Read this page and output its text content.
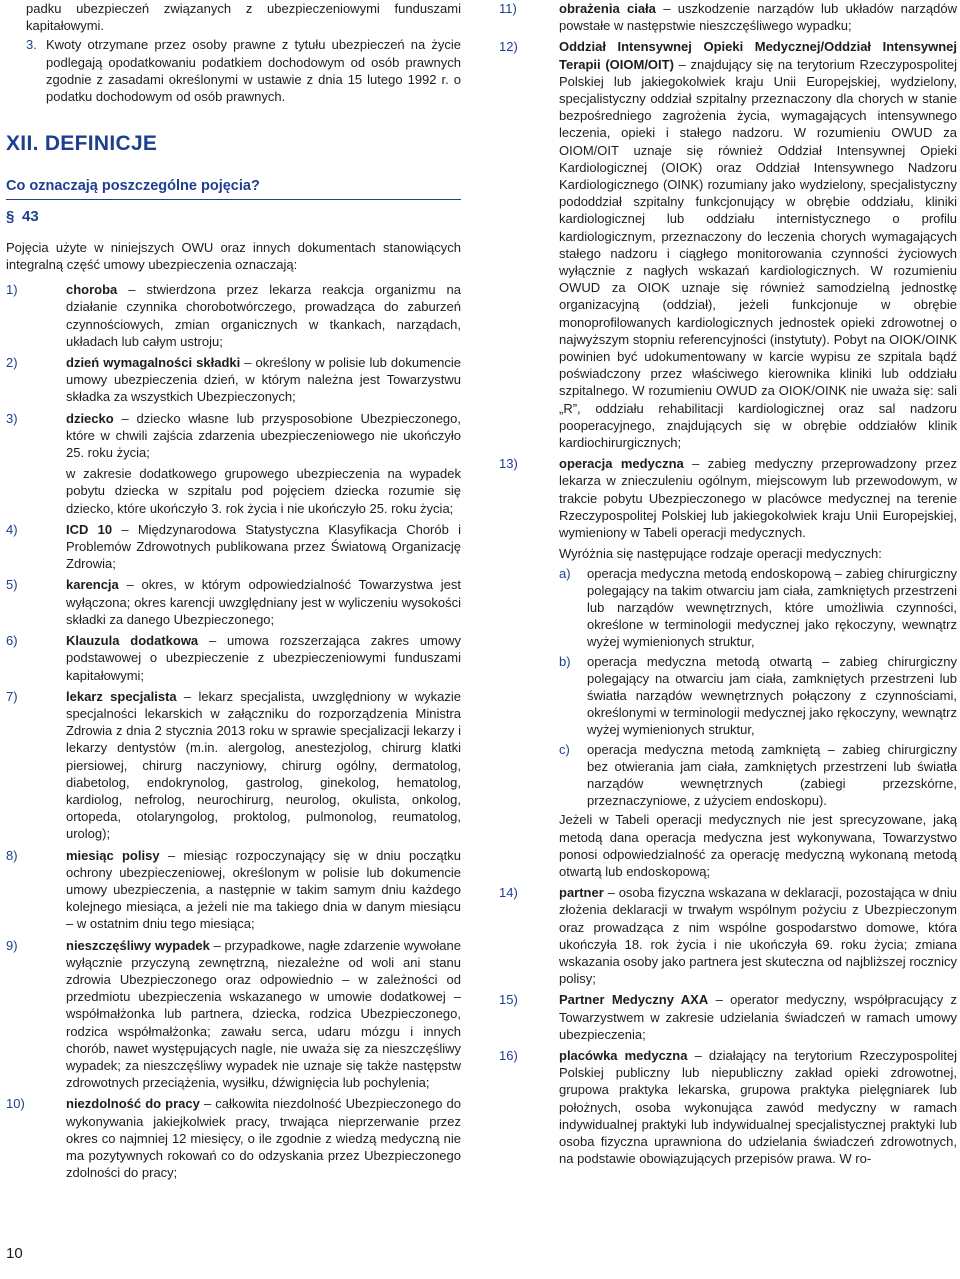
padku ubezpieczeń związanych z ubezpieczeniowymi funduszami kapitałowymi.

3. Kwoty otrzymane przez osoby prawne z tytułu ubezpieczeń na życie podlegają opodatkowaniu podatkiem dochodowym od osób prawnych zgodnie z zasadami określonymi w ustawie z dnia 15 lutego 1992 r. o podatku dochodowym od osób prawnych.
XII. DEFINICJE
Co oznaczają poszczególne pojęcia?
§ 43

Pojęcia użyte w niniejszych OWU oraz innych dokumentach stanowiących integralną część umowy ubezpieczenia oznaczają:

1)	choroba – stwierdzona przez lekarza reakcja organizmu na działanie czynnika chorobotwórczego, prowadząca do zaburzeń czynnościowych, zmian organicznych w tkankach, narządach, układach lub całym ustroju;

2)	dzień wymagalności składki – określony w polisie lub dokumencie umowy ubezpieczenia dzień, w którym należna jest Towarzystwu składka za wszystkich Ubezpieczonych;

3)	dziecko – dziecko własne lub przysposobione Ubezpieczonego, które w chwili zajścia zdarzenia ubezpieczeniowego nie ukończyło 25. roku życia;

w zakresie dodatkowego grupowego ubezpieczenia na wypadek pobytu dziecka w szpitalu pod pojęciem dziecka rozumie się dziecko, które ukończyło 3. rok życia i nie ukończyło 25. roku życia;

4)	ICD 10 – Międzynarodowa Statystyczna Klasyfikacja Chorób i Problemów Zdrowotnych publikowana przez Światową Organizację Zdrowia;

5)	karencja – okres, w którym odpowiedzialność Towarzystwa jest wyłączona; okres karencji uwzględniany jest w wyliczeniu wysokości składki za danego Ubezpieczonego;

6)	Klauzula dodatkowa – umowa rozszerzająca zakres umowy podstawowej o ubezpieczenie z ubezpieczeniowymi funduszami kapitałowymi;

7)	lekarz specjalista – lekarz specjalista, uwzględniony w wykazie specjalności lekarskich w załączniku do rozporządzenia Ministra Zdrowia z dnia 2 stycznia 2013 roku w sprawie specjalizacji lekarzy i lekarzy dentystów (m.in. alergolog, anestezjolog, chirurg klatki piersiowej, chirurg naczyniowy, chirurg ogólny, dermatolog, diabetolog, endokrynolog, gastrolog, ginekolog, hematolog, kardiolog, nefrolog, neurochirurg, neurolog, okulista, onkolog, ortopeda, otolaryngolog, proktolog, pulmonolog, reumatolog, urolog);

8)	miesiąc polisy – miesiąc rozpoczynający się w dniu początku ochrony ubezpieczeniowej, określonym w polisie lub dokumencie umowy ubezpieczenia, a następnie w takim samym dniu każdego kolejnego miesiąca, a jeżeli nie ma takiego dnia w danym miesiącu – w ostatnim dniu tego miesiąca;

9)	nieszczęśliwy wypadek – przypadkowe, nagłe zdarzenie wywołane wyłącznie przyczyną zewnętrzną, niezależne od woli ani stanu zdrowia Ubezpieczonego oraz odpowiednio – w zależności od przedmiotu ubezpieczenia wskazanego w umowie dodatkowej – współmałżonka lub partnera, dziecka, rodzica Ubezpieczonego, rodzica współmałżonka; zawału serca, udaru mózgu i innych chorób, nawet występujących nagle, nie uważa się za nieszczęśliwy wypadek; za nieszczęśliwy wypadek nie uznaje się także następstw zdrowotnych przeciążenia, wysiłku, dźwignięcia lub pochylenia;

10)	niezdolność do pracy – całkowita niezdolność Ubezpieczonego do wykonywania jakiejkolwiek pracy, trwająca nieprzerwanie przez okres co najmniej 12 miesięcy, o ile zgodnie z wiedzą medyczną nie ma pozytywnych rokowań co do odzyskania przez Ubezpieczonego zdolności do pracy;

11)	obrażenia ciała – uszkodzenie narządów lub układów narządów powstałe w następstwie nieszczęśliwego wypadku;

12)	Oddział Intensywnej Opieki Medycznej/Oddział Intensywnej Terapii (OIOM/OIT) – znajdujący się na terytorium Rzeczypospolitej Polskiej lub jakiegokolwiek kraju Unii Europejskiej, wydzielony, specjalistyczny oddział szpitalny przeznaczony dla chorych w stanie bezpośredniego zagrożenia życia, wymagających intensywnego leczenia, opieki i stałego nadzoru. W rozumieniu OWUD za OIOM/OIT uznaje się również Oddział Intensywnej Opieki Kardiologicznej (OIOK) oraz Oddział Intensywnego Nadzoru Kardiologicznego (OINK) rozumiany jako wydzielony, specjalistyczny pododdział szpitalny funkcjonujący w obrębie oddziału, kliniki kardiologicznej lub oddziału internistycznego o profilu kardiologicznym, przeznaczony do leczenia chorych wymagających stałego nadzoru i ciągłego monitorowania czynności życiowych wyłącznie z nagłych wskazań kardiologicznych. W rozumieniu OWUD za OIOK uznaje się również samodzielną jednostkę organizacyjną (oddział), jeżeli funkcjonuje w obrębie monoprofilowanych kardiologicznych jednostek opieki zdrowotnej o najwyższym stopniu referencyjności (instytuty). Pobyt na OIOK/OINK powinien być udokumentowany w karcie wypisu ze szpitala bądź poświadczony przez właściwego kierownika kliniki lub oddziału szpitalnego. W rozumieniu OWUD za OIOK/OINK nie uważa się: sali „R”, oddziału rehabilitacji kardiologicznej oraz sal nadzoru pooperacyjnego, znajdujących się w obrębie oddziałów klinik kardiochirurgicznych;

13)	operacja medyczna – zabieg medyczny przeprowadzony przez lekarza w znieczuleniu ogólnym, miejscowym lub przewodowym, w trakcie pobytu Ubezpieczonego w placówce medycznej na terenie Rzeczypospolitej Polskiej lub jakiegokolwiek kraju Unii Europejskiej, wymieniony w Tabeli operacji medycznych.

Wyróżnia się następujące rodzaje operacji medycznych:

a)	operacja medyczna metodą endoskopową – zabieg chirurgiczny polegający na takim otwarciu jam ciała, zamkniętych przestrzeni lub narządów wewnętrznych, które umożliwia czynności, określone w terminologii medycznej jako rękoczyny, wewnątrz wyżej wymienionych struktur,
b)	operacja medyczna metodą otwartą – zabieg chirurgiczny polegający na otwarciu jam ciała, zamkniętych przestrzeni lub światła narządów wewnętrznych połączony z czynnościami, określonymi w terminologii medycznej jako rękoczyny, wewnątrz wyżej wymienionych struktur,
c)	operacja medyczna metodą zamkniętą – zabieg chirurgiczny bez otwierania jam ciała, zamkniętych przestrzeni lub światła narządów wewnętrznych (zabiegi przezskórne, przeznaczyniowe, z użyciem endoskopu).

Jeżeli w Tabeli operacji medycznych nie jest sprecyzowane, jaką metodą dana operacja medyczna jest wykonywana, Towarzystwo ponosi odpowiedzialność za operację medyczną wykonaną metodą otwartą lub endoskopową;

14)	partner – osoba fizyczna wskazana w deklaracji, pozostająca w dniu złożenia deklaracji w trwałym wspólnym pożyciu z Ubezpieczonym oraz prowadząca z nim wspólne gospodarstwo domowe, która ukończyła 18. rok życia i nie ukończyła 69. roku życia; zmiana wskazania osoby jako partnera jest skuteczna od najbliższej rocznicy polisy;

15)	Partner Medyczny AXA – operator medyczny, współpracujący z Towarzystwem w zakresie udzielania świadczeń w ramach umowy ubezpieczenia;

16)	placówka medyczna – działający na terytorium Rzeczypospolitej Polskiej publiczny lub niepubliczny zakład opieki zdrowotnej, grupowa praktyka lekarska, grupowa praktyka pielęgniarek lub położnych, osoba wykonująca zawód medyczny w ramach indywidualnej praktyki lub indywidualnej specjalistycznej praktyki lub osoba fizyczna uprawniona do udzielania świadczeń zdrowotnych, na podstawie obowiązujących przepisów prawa. W ro-

10
